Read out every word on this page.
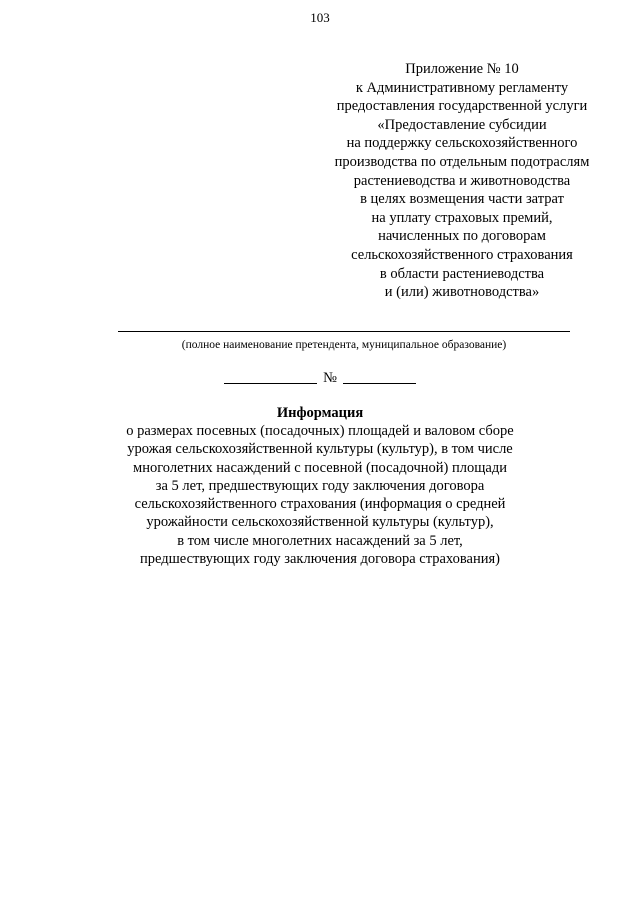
103
Приложение № 10
к Административному регламенту
предоставления государственной услуги
«Предоставление субсидии
на поддержку сельскохозяйственного
производства по отдельным подотраслям
растениеводства и животноводства
в целях возмещения части затрат
на уплату страховых премий,
начисленных по договорам
сельскохозяйственного страхования
в области растениеводства
и (или) животноводства»
(полное наименование претендента, муниципальное образование)
№
Информация
о размерах посевных (посадочных) площадей и валовом сборе
урожая сельскохозяйственной культуры (культур), в том числе
многолетних насаждений с посевной (посадочной) площади
за 5 лет, предшествующих году заключения договора
сельскохозяйственного страхования (информация о средней
урожайности сельскохозяйственной культуры (культур),
в том числе многолетних насаждений за 5 лет,
предшествующих году заключения договора страхования)
